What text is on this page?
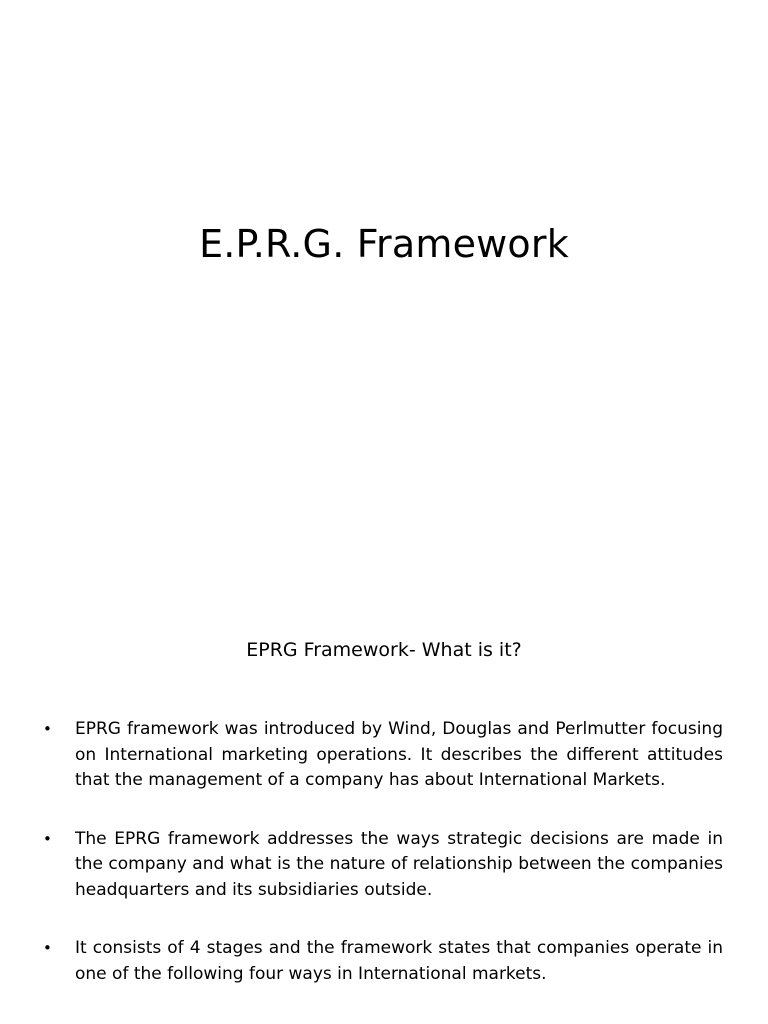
E.P.R.G. Framework
EPRG Framework- What is it?
• EPRG framework was introduced by Wind, Douglas and Perlmutter focusing on International marketing operations. It describes the different attitudes that the management of a company has about International Markets.
• The EPRG framework addresses the ways strategic decisions are made in the company and what is the nature of relationship between the companies headquarters and its subsidiaries outside.
• It consists of 4 stages and the framework states that companies operate in one of the following four ways in International markets.
